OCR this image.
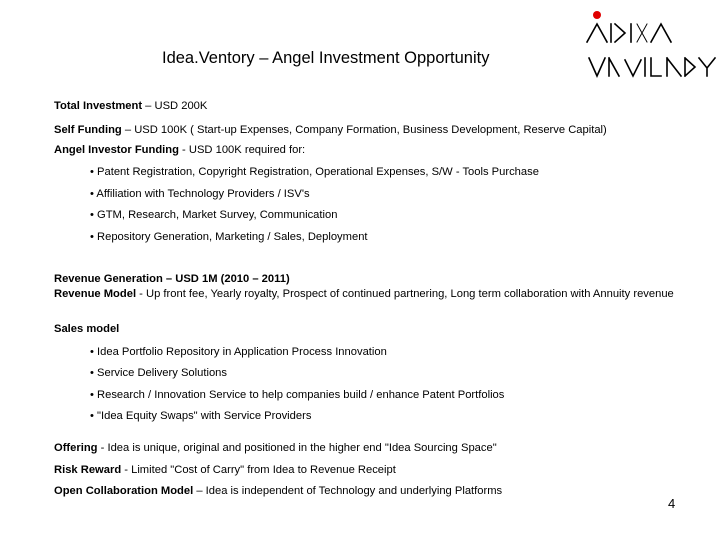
Idea.Ventory – Angel Investment Opportunity
Total Investment – USD 200K
Self Funding – USD 100K ( Start-up Expenses, Company Formation, Business Development, Reserve Capital)
Angel Investor Funding - USD 100K required for:
• Patent Registration, Copyright Registration, Operational Expenses, S/W - Tools Purchase
• Affiliation with Technology Providers / ISV's
• GTM, Research, Market Survey, Communication
• Repository Generation, Marketing / Sales, Deployment
Revenue Generation – USD 1M (2010 – 2011)
Revenue Model - Up front fee, Yearly royalty, Prospect of continued partnering, Long term collaboration with Annuity revenue
Sales model
• Idea Portfolio Repository in Application Process Innovation
• Service Delivery Solutions
• Research / Innovation Service to help companies build / enhance Patent Portfolios
• "Idea Equity Swaps" with Service Providers
Offering - Idea is unique, original and positioned in the higher end "Idea Sourcing Space"
Risk Reward - Limited "Cost of Carry" from Idea to Revenue Receipt
Open Collaboration Model – Idea is independent of Technology and underlying Platforms
4
